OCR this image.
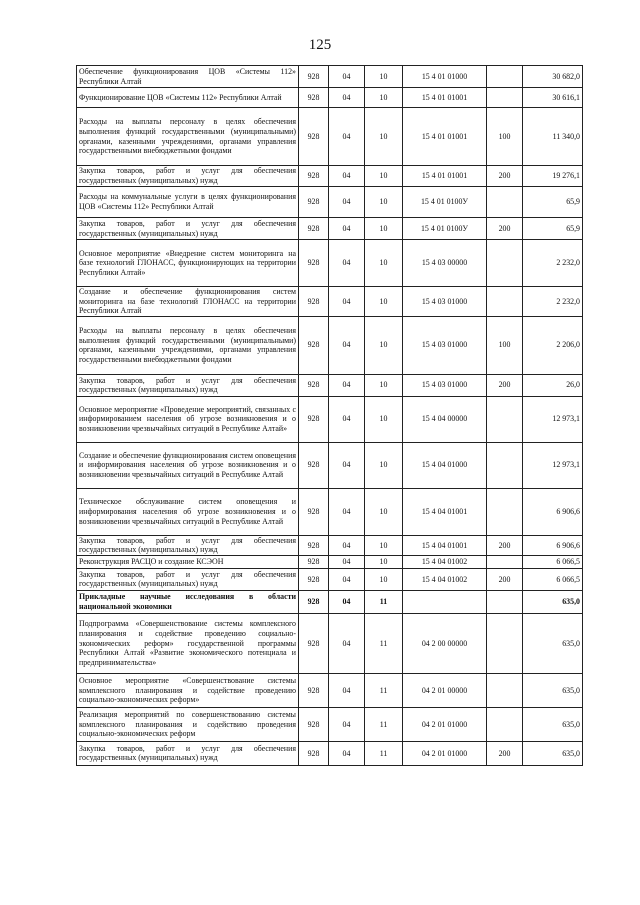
125
Обеспечение функционирования ЦОВ «Системы 112» Республики Алтай	928	04	10	15 4 01 01000		30 682,0
Функционирование ЦОВ «Системы 112» Республики Алтай	928	04	10	15 4 01 01001		30 616,1
Расходы на выплаты персоналу в целях обеспечения выполнения функций государственными (муниципальными) органами, казенными учреждениями, органами управления государственными внебюджетными фондами	928	04	10	15 4 01 01001	100	11 340,0
Закупка товаров, работ и услуг для обеспечения государственных (муниципальных) нужд	928	04	10	15 4 01 01001	200	19 276,1
Расходы на коммунальные услуги в целях функционирования ЦОВ «Системы 112» Республики Алтай	928	04	10	15 4 01 0100У		65,9
Закупка товаров, работ и услуг для обеспечения государственных (муниципальных) нужд	928	04	10	15 4 01 0100У	200	65,9
Основное мероприятие «Внедрение систем мониторинга на базе технологий ГЛОНАСС, функционирующих на территории Республики Алтай»	928	04	10	15 4 03 00000		2 232,0
Создание и обеспечение функционирования систем мониторинга на базе технологий ГЛОНАСС на территории Республики Алтай	928	04	10	15 4 03 01000		2 232,0
Расходы на выплаты персоналу в целях обеспечения выполнения функций государственными (муниципальными) органами, казенными учреждениями, органами управления государственными внебюджетными фондами	928	04	10	15 4 03 01000	100	2 206,0
Закупка товаров, работ и услуг для обеспечения государственных (муниципальных) нужд	928	04	10	15 4 03 01000	200	26,0
Основное мероприятие «Проведение мероприятий, связанных с информированием населения об угрозе возникновения и о возникновении чрезвычайных ситуаций в Республике Алтай»	928	04	10	15 4 04 00000		12 973,1
Создание и обеспечение функционирования систем оповещения и информирования населения об угрозе возникновения и о возникновении чрезвычайных ситуаций в Республике Алтай	928	04	10	15 4 04 01000		12 973,1
Техническое обслуживание систем оповещения и информирования населения об угрозе возникновения и о возникновении чрезвычайных ситуаций в Республике Алтай	928	04	10	15 4 04 01001		6 906,6
Закупка товаров, работ и услуг для обеспечения государственных (муниципальных) нужд	928	04	10	15 4 04 01001	200	6 906,6
Реконструкция РАСЦО и создание КСЭОН	928	04	10	15 4 04 01002		6 066,5
Закупка товаров, работ и услуг для обеспечения государственных (муниципальных) нужд	928	04	10	15 4 04 01002	200	6 066,5
Прикладные научные исследования в области национальной экономики	928	04	11			635,0
Подпрограмма «Совершенствование системы комплексного планирования и содействие проведению социально-экономических реформ» государственной программы Республики Алтай «Развитие экономического потенциала и предпринимательства»	928	04	11	04 2 00 00000		635,0
Основное мероприятие «Совершенствование системы комплексного планирования и содействие проведению социально-экономических реформ»	928	04	11	04 2 01 00000		635,0
Реализация мероприятий по совершенствованию системы комплексного планирования и содействию проведения социально-экономических реформ	928	04	11	04 2 01 01000		635,0
Закупка товаров, работ и услуг для обеспечения государственных (муниципальных) нужд	928	04	11	04 2 01 01000	200	635,0
